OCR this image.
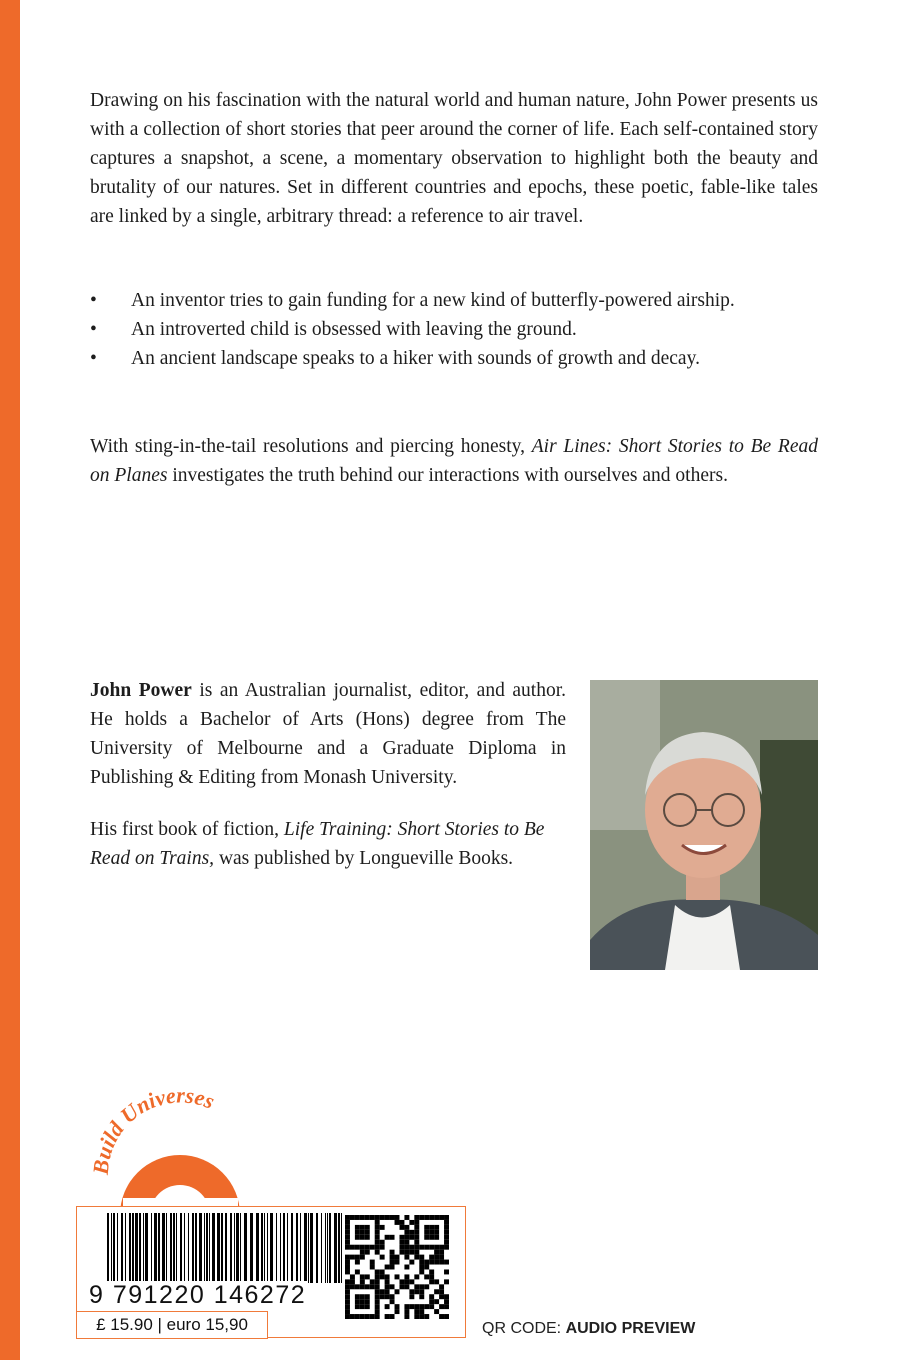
Drawing on his fascination with the natural world and human nature, John Power presents us with a collection of short stories that peer around the corner of life. Each self-contained story captures a snapshot, a scene, a momentary observation to highlight both the beauty and brutality of our natures. Set in different countries and epochs, these poetic, fable-like tales are linked by a single, arbitrary thread: a reference to air travel.

•	An inventor tries to gain funding for a new kind of butterfly-powered airship.
•	An introverted child is obsessed with leaving the ground.
•	An ancient landscape speaks to a hiker with sounds of growth and decay.

With sting-in-the-tail resolutions and piercing honesty, Air Lines: Short Stories to Be Read on Planes investigates the truth behind our interactions with ourselves and others.

John Power is an Australian journalist, editor, and author. He holds a Bachelor of Arts (Hons) degree from The University of Melbourne and a Graduate Diploma in Publishing & Editing from Monash University.

His first book of fiction, Life Training: Short Stories to Be Read on Trains, was published by Longueville Books.

Build Universes
9 791220 146272
£ 15.90 | euro 15,90	QR CODE: AUDIO PREVIEW
